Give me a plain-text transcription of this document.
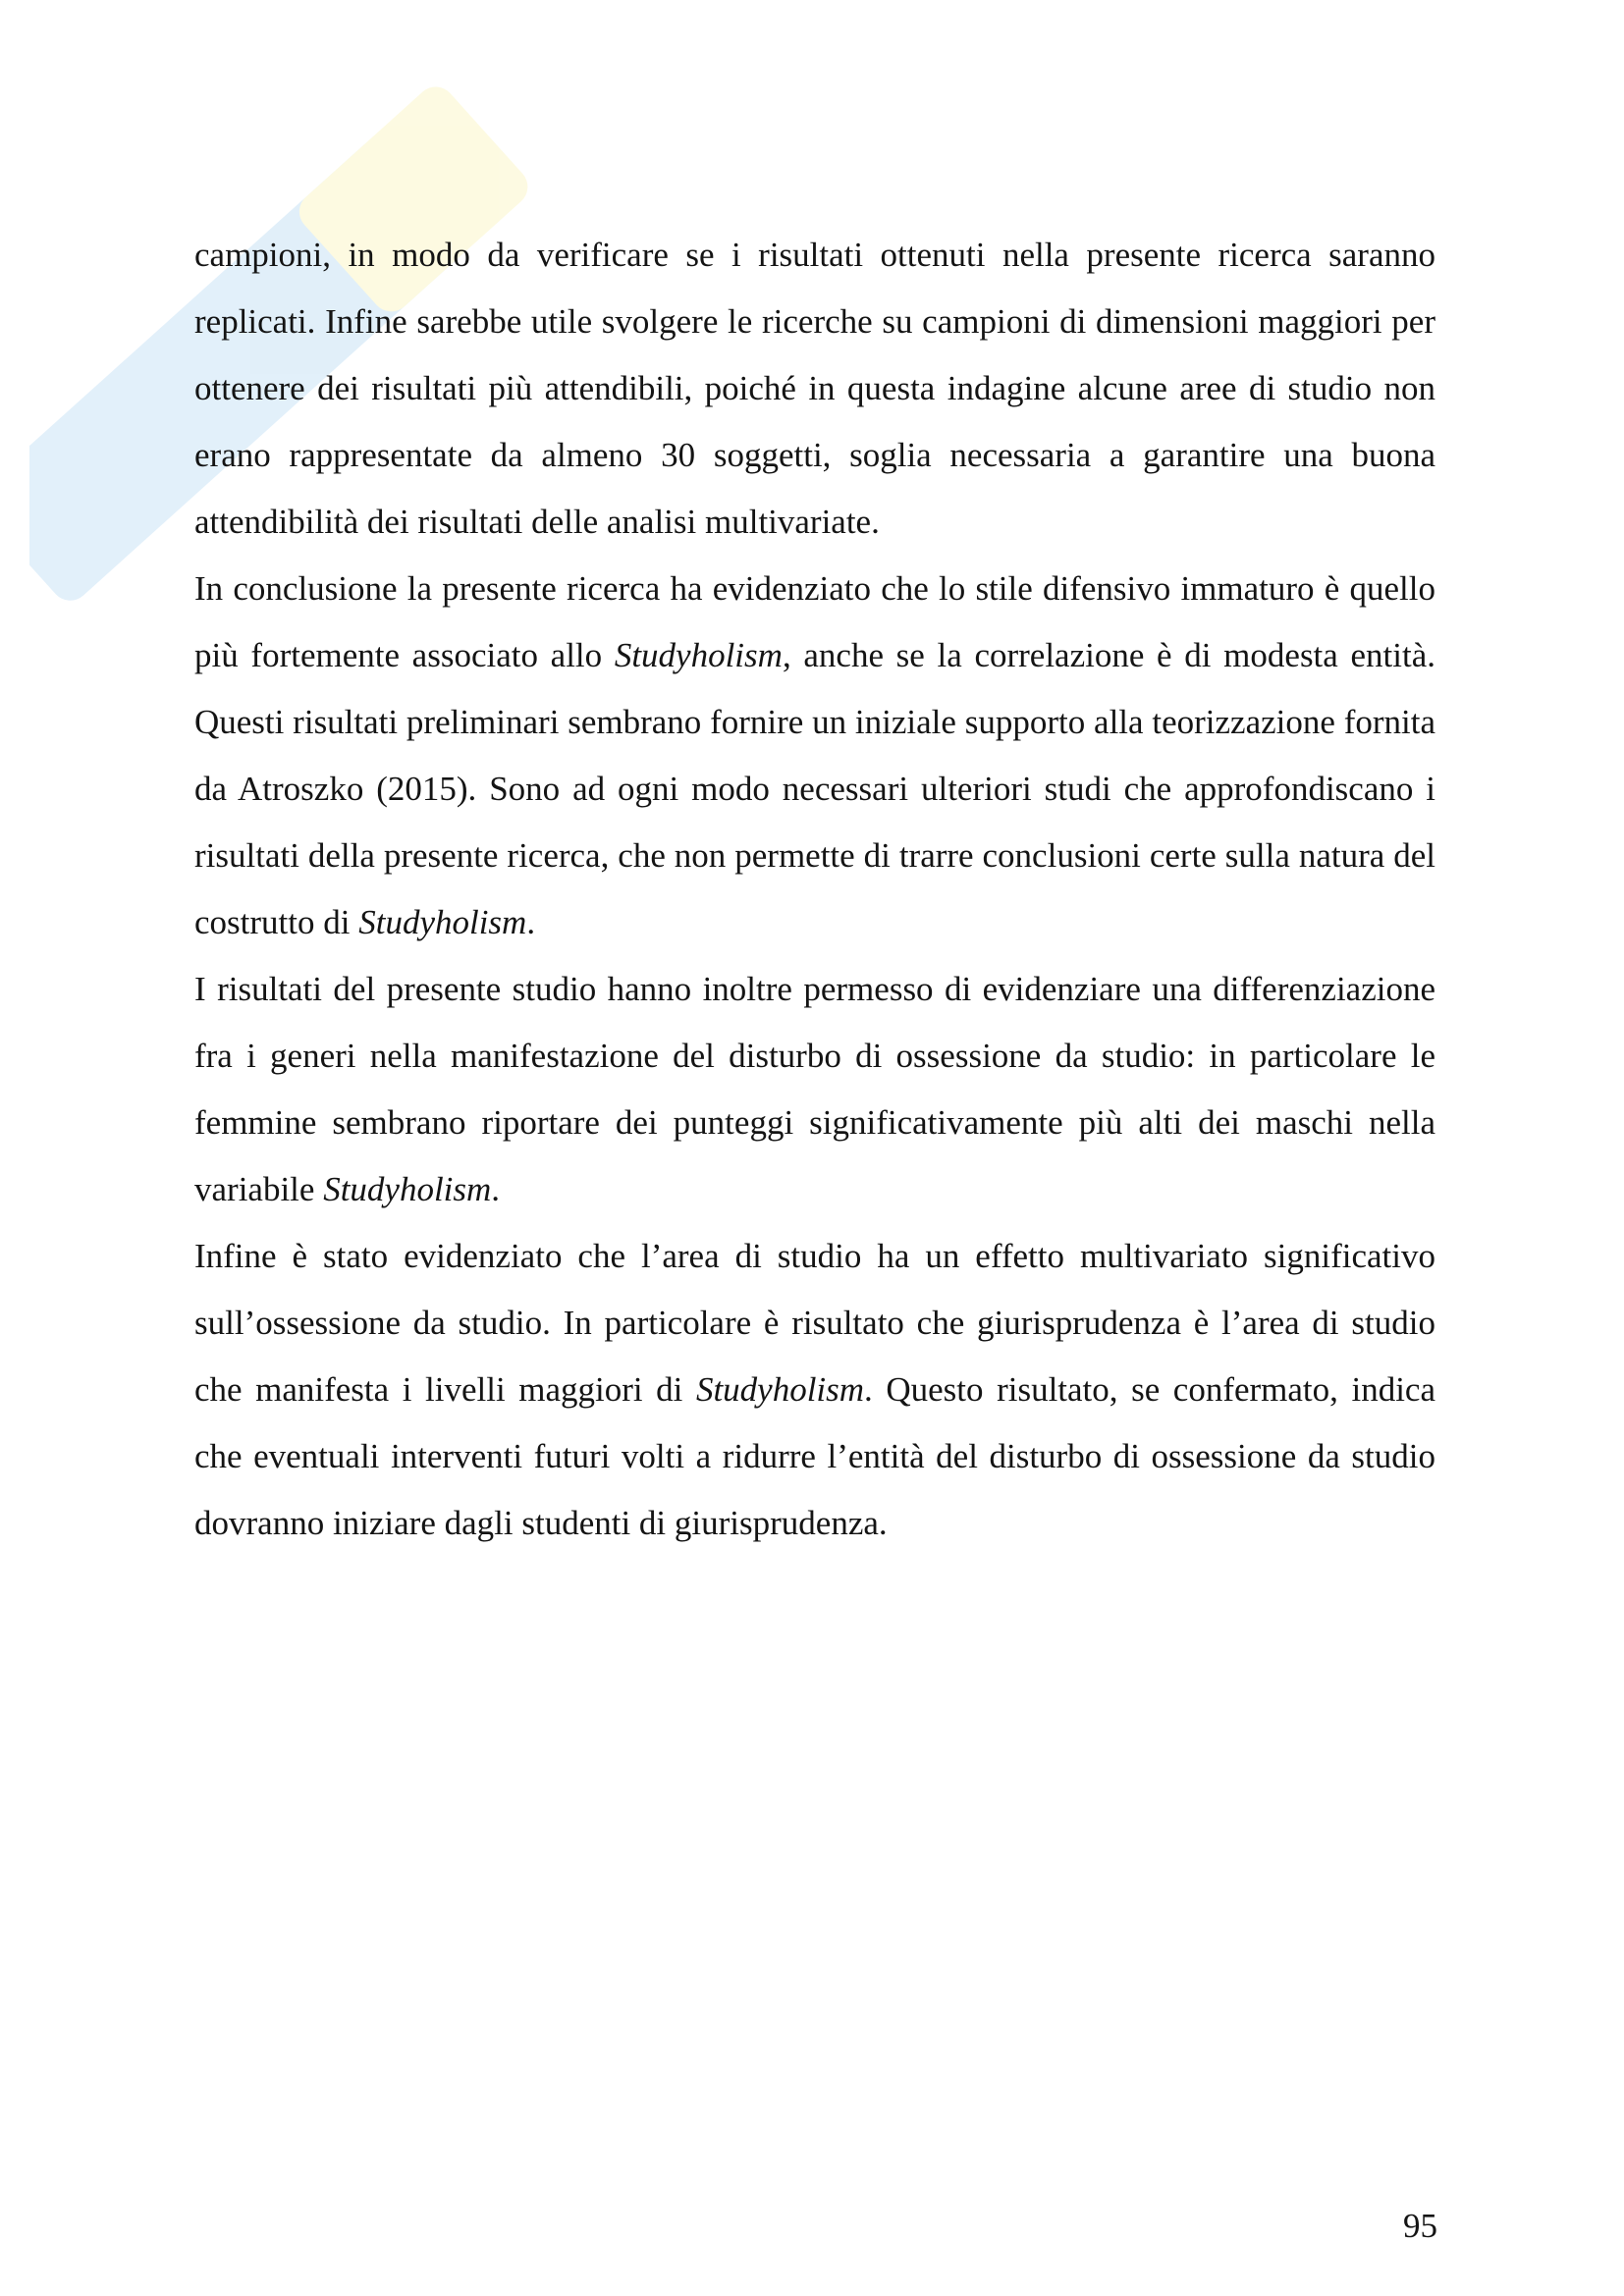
campioni, in modo da verificare se i risultati ottenuti nella presente ricerca saranno replicati. Infine sarebbe utile svolgere le ricerche su campioni di dimensioni maggiori per ottenere dei risultati più attendibili, poiché in questa indagine alcune aree di studio non erano rappresentate da almeno 30 soggetti, soglia necessaria a garantire una buona attendibilità dei risultati delle analisi multivariate.

In conclusione la presente ricerca ha evidenziato che lo stile difensivo immaturo è quello più fortemente associato allo Studyholism, anche se la correlazione è di modesta entità. Questi risultati preliminari sembrano fornire un iniziale supporto alla teorizzazione fornita da Atroszko (2015). Sono ad ogni modo necessari ulteriori studi che approfondiscano i risultati della presente ricerca, che non permette di trarre conclusioni certe sulla natura del costrutto di Studyholism.

I risultati del presente studio hanno inoltre permesso di evidenziare una differenziazione fra i generi nella manifestazione del disturbo di ossessione da studio: in particolare le femmine sembrano riportare dei punteggi significativamente più alti dei maschi nella variabile Studyholism.

Infine è stato evidenziato che l’area di studio ha un effetto multivariato significativo sull’ossessione da studio. In particolare è risultato che giurisprudenza è l’area di studio che manifesta i livelli maggiori di Studyholism. Questo risultato, se confermato, indica che eventuali interventi futuri volti a ridurre l’entità del disturbo di ossessione da studio dovranno iniziare dagli studenti di giurisprudenza.

95
